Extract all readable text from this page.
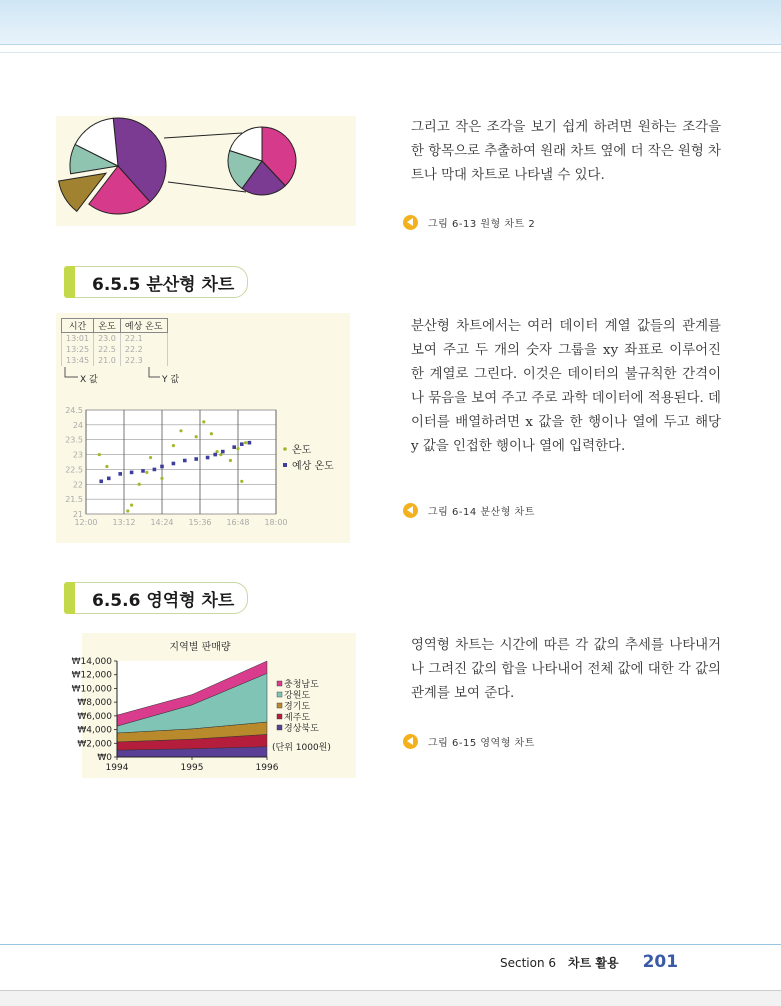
그리고 작은 조각을 보기 쉽게 하려면 원하는 조각을 한 항목으로 추출하여 원래 차트 옆에 더 작은 원형 차트나 막대 차트로 나타낼 수 있다.

그림 6-13 원형 차트 2
6.5.5 분산형 차트
시간	온도	예상 온도
13:01	23.0	22.1
13:25	22.5	22.2
13:45	21.0	22.3
X 값	Y 값
21
21.5
22
22.5
23
23.5
24
24.5
12:00 13:12 14:24 15:36 16:48 18:00
온도
예상 온도

분산형 차트에서는 여러 데이터 계열 값들의 관계를 보여 주고 두 개의 숫자 그룹을 xy 좌표로 이루어진 한 계열로 그린다. 이것은 데이터의 불규칙한 간격이나 묶음을 보여 주고 주로 과학 데이터에 적용된다. 데이터를 배열하려면 x 값을 한 행이나 열에 두고 해당 y 값을 인접한 행이나 열에 입력한다.

그림 6-14 분산형 차트
6.5.6 영역형 차트
지역별 판매량
₩0
₩2,000
₩4,000
₩6,000
₩8,000
₩10,000
₩12,000
₩14,000
1994	1995	1996
충청남도
강원도
경기도
제주도
경상북도
(단위 1000원)

영역형 차트는 시간에 따른 각 값의 추세를 나타내거나 그려진 값의 합을 나타내어 전체 값에 대한 각 값의 관계를 보여 준다.

그림 6-15 영역형 차트
Section 6 차트 활용 201
